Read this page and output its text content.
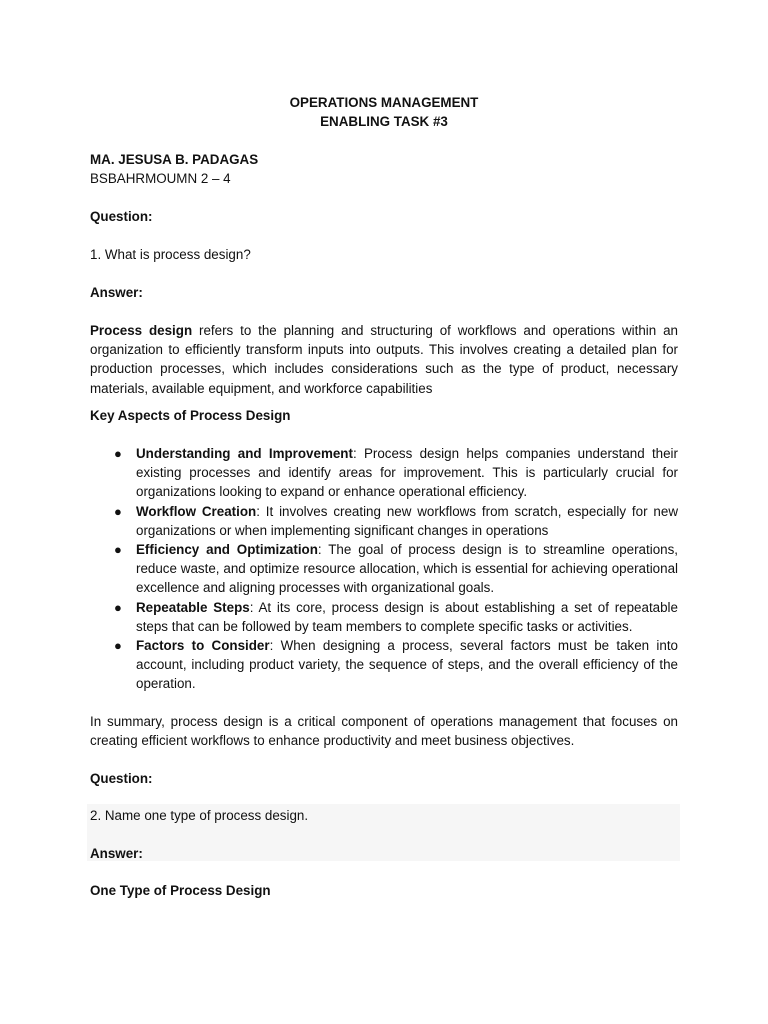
OPERATIONS MANAGEMENT
ENABLING TASK #3
MA. JESUSA B. PADAGAS
BSBAHRMOUMN 2 – 4
Question:
1. What is process design?
Answer:

Process design refers to the planning and structuring of workflows and operations within an organization to efficiently transform inputs into outputs. This involves creating a detailed plan for production processes, which includes considerations such as the type of product, necessary materials, available equipment, and workforce capabilities

Key Aspects of Process Design
● Understanding and Improvement: Process design helps companies understand their existing processes and identify areas for improvement. This is particularly crucial for organizations looking to expand or enhance operational efficiency.
● Workflow Creation: It involves creating new workflows from scratch, especially for new organizations or when implementing significant changes in operations
● Efficiency and Optimization: The goal of process design is to streamline operations, reduce waste, and optimize resource allocation, which is essential for achieving operational excellence and aligning processes with organizational goals.
● Repeatable Steps: At its core, process design is about establishing a set of repeatable steps that can be followed by team members to complete specific tasks or activities.
● Factors to Consider: When designing a process, several factors must be taken into account, including product variety, the sequence of steps, and the overall efficiency of the operation.

In summary, process design is a critical component of operations management that focuses on creating efficient workflows to enhance productivity and meet business objectives.

Question:
2. Name one type of process design.
Answer:
One Type of Process Design
